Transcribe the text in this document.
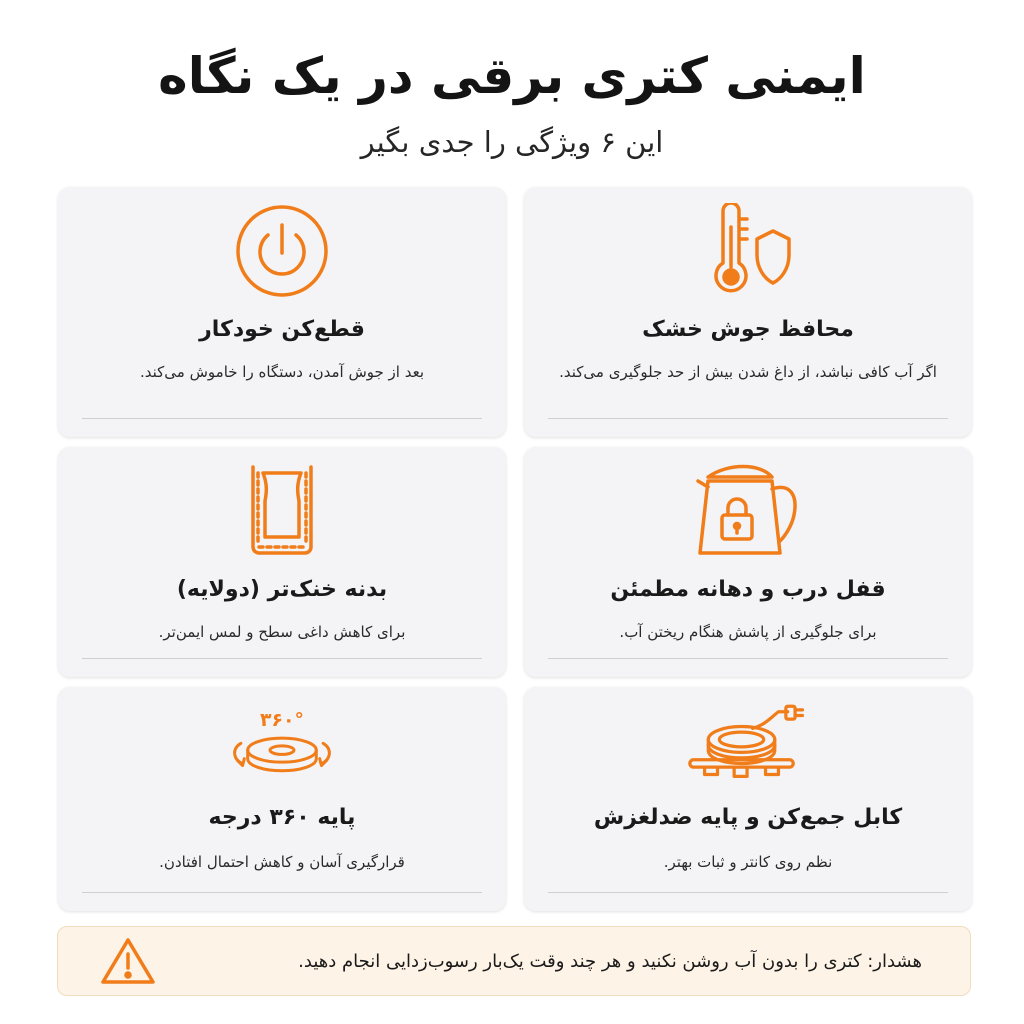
ایمنی کتری برقی در یک نگاه
این ۶ ویژگی را جدی بگیر
محافظ جوش خشک
اگر آب کافی نباشد، از داغ شدن بیش از حد جلوگیری می‌کند.
قطع‌کن خودکار
بعد از جوش آمدن، دستگاه را خاموش می‌کند.
قفل درب و دهانه مطمئن
برای جلوگیری از پاشش هنگام ریختن آب.
بدنه خنک‌تر (دولایه)
برای کاهش داغی سطح و لمس ایمن‌تر.
کابل جمع‌کن و پایه ضدلغزش
نظم روی کانتر و ثبات بهتر.
۳۶۰°
پایه ۳۶۰ درجه
قرارگیری آسان و کاهش احتمال افتادن.
هشدار: کتری را بدون آب روشن نکنید و هر چند وقت یک‌بار رسوب‌زدایی انجام دهید.
